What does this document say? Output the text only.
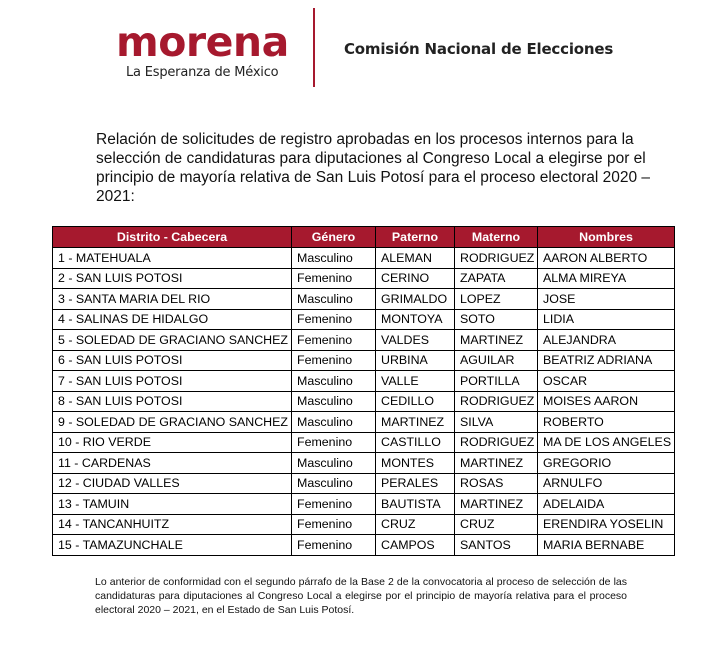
morena
La Esperanza de México
Comisión Nacional de Elecciones

Relación de solicitudes de registro aprobadas en los procesos internos para la selección de candidaturas para diputaciones al Congreso Local a elegirse por el principio de mayoría relativa de San Luis Potosí para el proceso electoral 2020 – 2021:

Distrito - Cabecera	Género	Paterno	Materno	Nombres
1 - MATEHUALA	Masculino	ALEMAN	RODRIGUEZ	AARON ALBERTO
2 - SAN LUIS POTOSI	Femenino	CERINO	ZAPATA	ALMA MIREYA
3 - SANTA MARIA DEL RIO	Masculino	GRIMALDO	LOPEZ	JOSE
4 - SALINAS DE HIDALGO	Femenino	MONTOYA	SOTO	LIDIA
5 - SOLEDAD DE GRACIANO SANCHEZ	Femenino	VALDES	MARTINEZ	ALEJANDRA
6 - SAN LUIS POTOSI	Femenino	URBINA	AGUILAR	BEATRIZ ADRIANA
7 - SAN LUIS POTOSI	Masculino	VALLE	PORTILLA	OSCAR
8 - SAN LUIS POTOSI	Masculino	CEDILLO	RODRIGUEZ	MOISES AARON
9 - SOLEDAD DE GRACIANO SANCHEZ	Masculino	MARTINEZ	SILVA	ROBERTO
10 - RIO VERDE	Femenino	CASTILLO	RODRIGUEZ	MA DE LOS ANGELES
11 - CARDENAS	Masculino	MONTES	MARTINEZ	GREGORIO
12 - CIUDAD VALLES	Masculino	PERALES	ROSAS	ARNULFO
13 - TAMUIN	Femenino	BAUTISTA	MARTINEZ	ADELAIDA
14 - TANCANHUITZ	Femenino	CRUZ	CRUZ	ERENDIRA YOSELIN
15 - TAMAZUNCHALE	Femenino	CAMPOS	SANTOS	MARIA BERNABE

Lo anterior de conformidad con el segundo párrafo de la Base 2 de la convocatoria al proceso de selección de las candidaturas para diputaciones al Congreso Local a elegirse por el principio de mayoría relativa para el proceso electoral 2020 – 2021, en el Estado de San Luis Potosí.
